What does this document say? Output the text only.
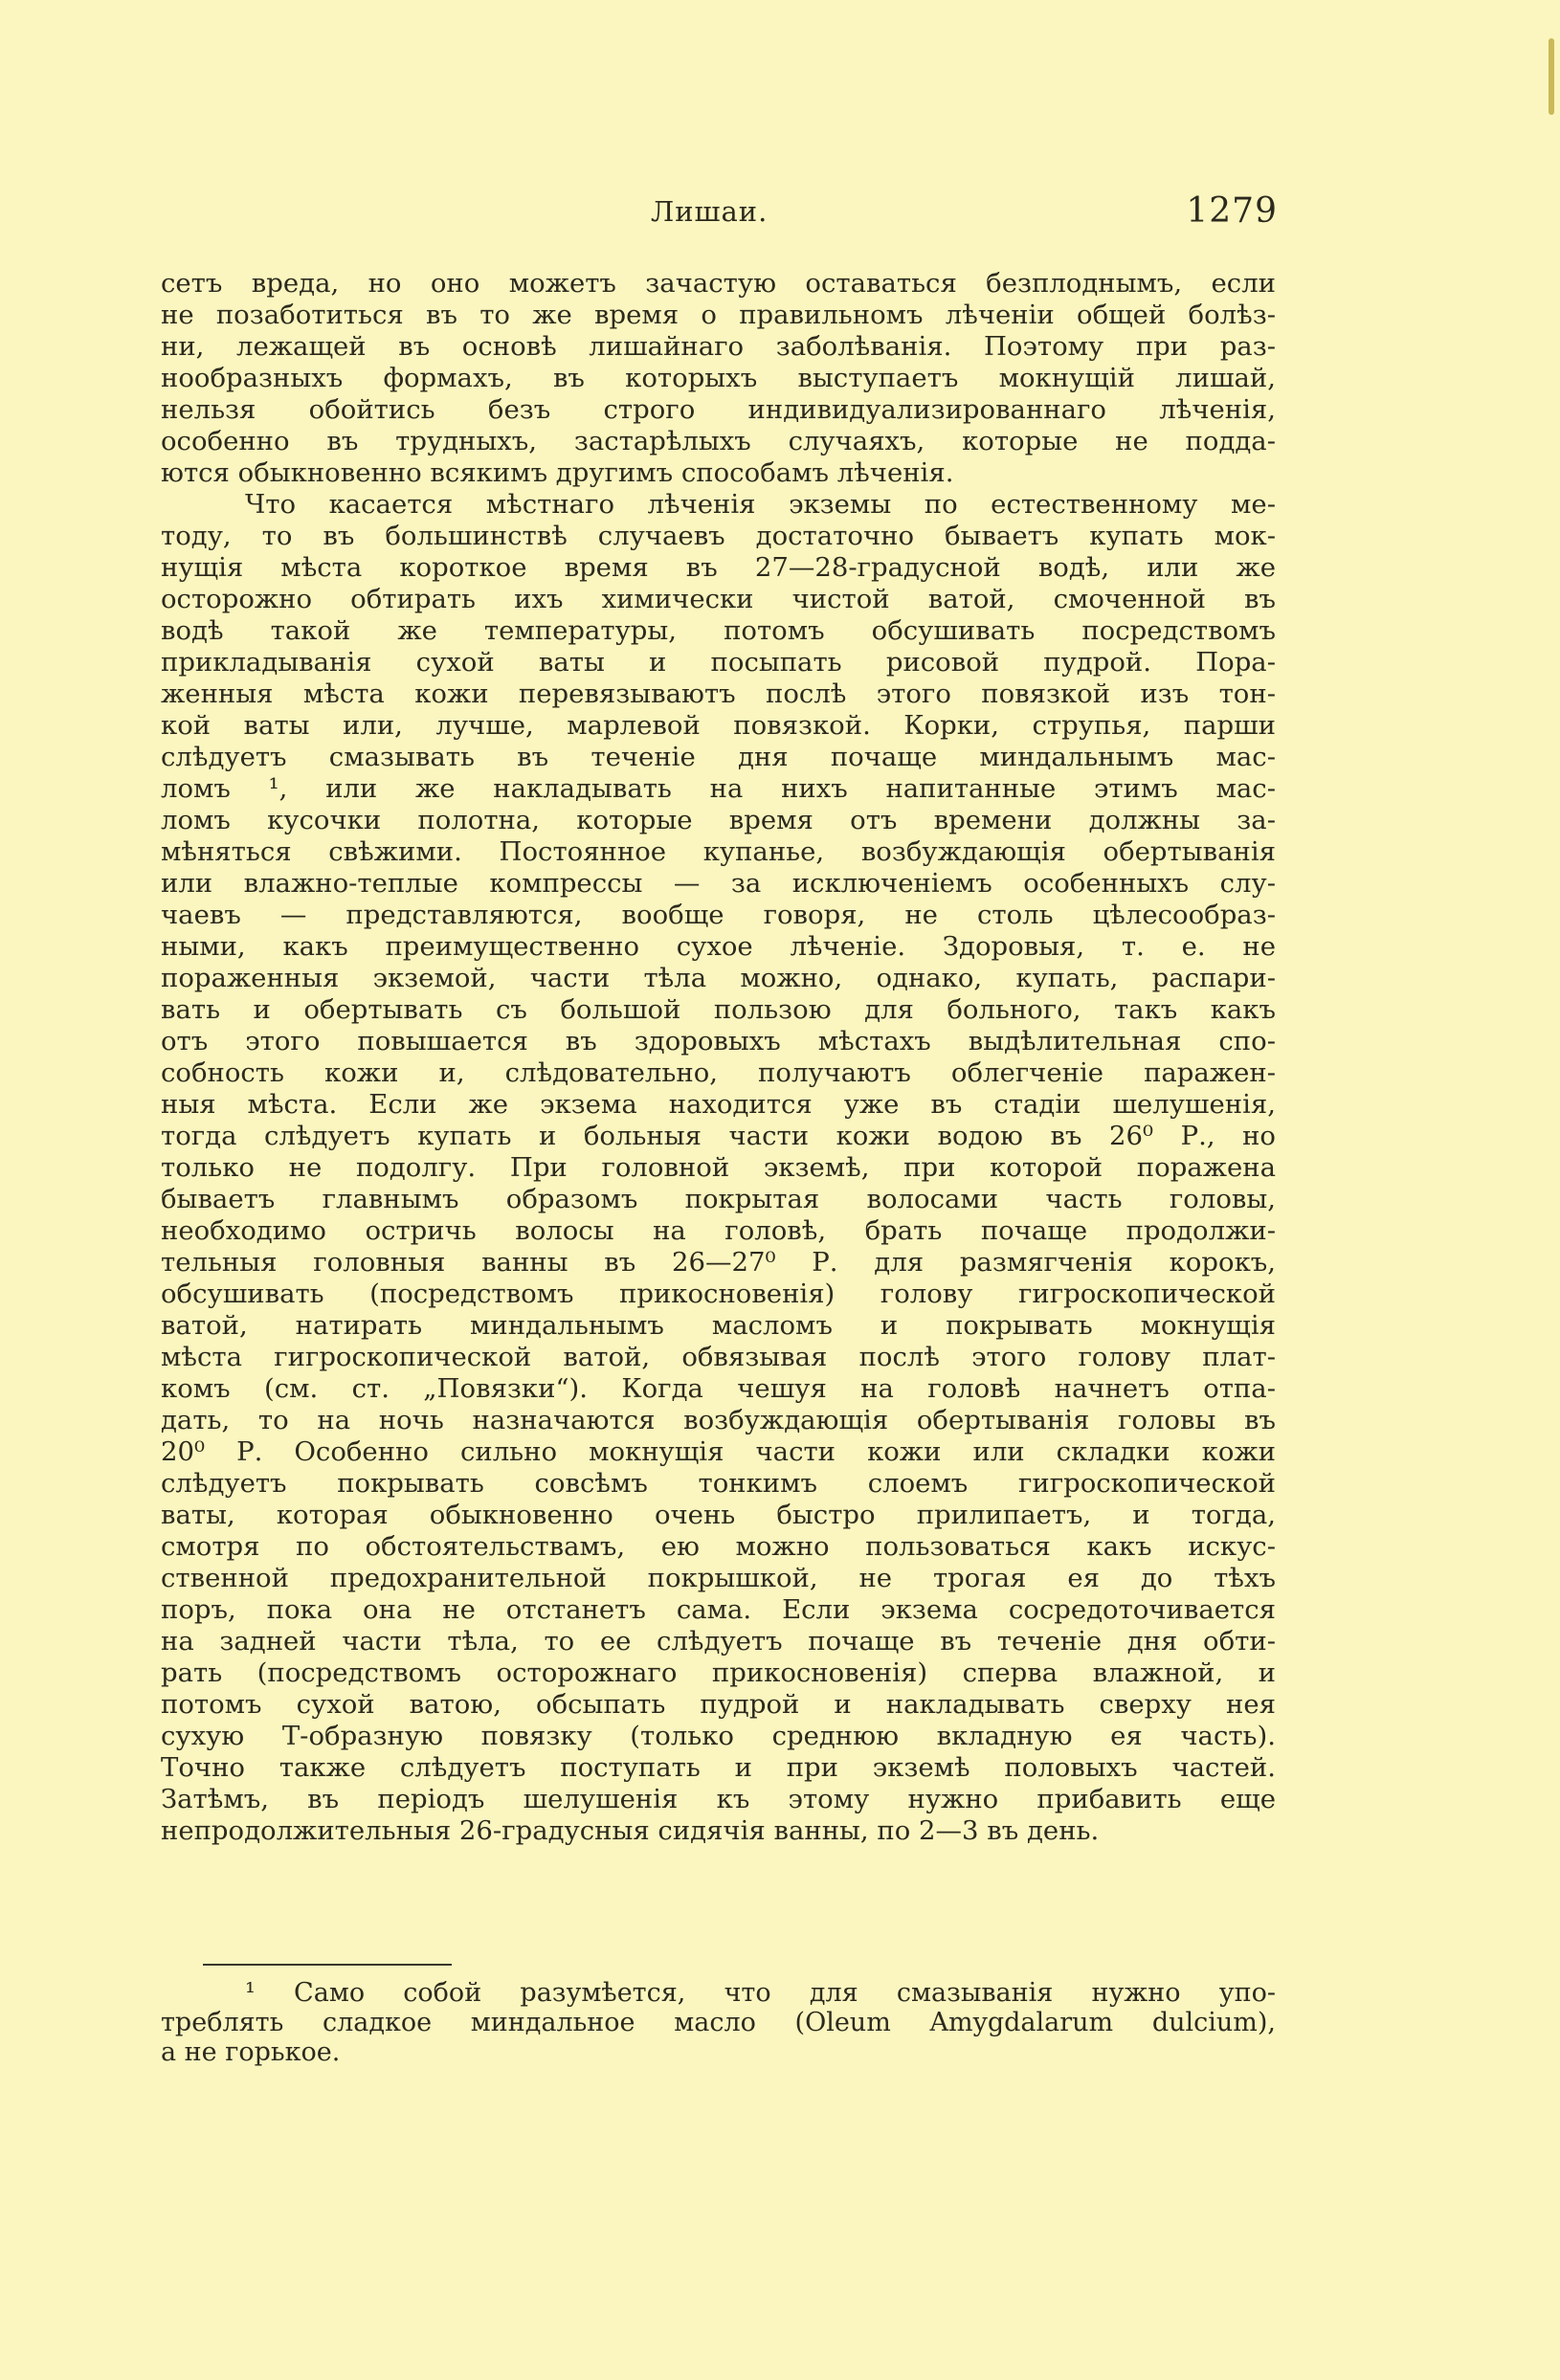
Лишаи.	1279
сетъ вреда, но оно можетъ зачастую оставаться безплоднымъ, если
не позаботиться въ то же время о правильномъ лѣченіи общей болѣз-
ни, лежащей въ основѣ лишайнаго заболѣванія. Поэтому при раз-
нообразныхъ формахъ, въ которыхъ выступаетъ мокнущій лишай,
нельзя обойтись безъ строго индивидуализированнаго лѣченія,
особенно въ трудныхъ, застарѣлыхъ случаяхъ, которые не подда-
ются обыкновенно всякимъ другимъ способамъ лѣченія.
Что касается мѣстнаго лѣченія экземы по естественному ме-
тоду, то въ большинствѣ случаевъ достаточно бываетъ купать мок-
нущія мѣста короткое время въ 27—28-градусной водѣ, или же
осторожно обтирать ихъ химически чистой ватой, смоченной въ
водѣ такой же температуры, потомъ обсушивать посредствомъ
прикладыванія сухой ваты и посыпать рисовой пудрой. Пора-
женныя мѣста кожи перевязываютъ послѣ этого повязкой изъ тон-
кой ваты или, лучше, марлевой повязкой. Корки, струпья, парши
слѣдуетъ смазывать въ теченіе дня почаще миндальнымъ мас-
ломъ ¹, или же накладывать на нихъ напитанные этимъ мас-
ломъ кусочки полотна, которые время отъ времени должны за-
мѣняться свѣжими. Постоянное купанье, возбуждающія обертыванія
или влажно-теплые компрессы — за исключеніемъ особенныхъ слу-
чаевъ — представляются, вообще говоря, не столь цѣлесообраз-
ными, какъ преимущественно сухое лѣченіе. Здоровыя, т. е. не
пораженныя экземой, части тѣла можно, однако, купать, распари-
вать и обертывать съ большой пользою для больного, такъ какъ
отъ этого повышается въ здоровыхъ мѣстахъ выдѣлительная спо-
собность кожи и, слѣдовательно, получаютъ облегченіе паражен-
ныя мѣста. Если же экзема находится уже въ стадіи шелушенія,
тогда слѣдуетъ купать и больныя части кожи водою въ 26⁰ Р., но
только не подолгу. При головной экземѣ, при которой поражена
бываетъ главнымъ образомъ покрытая волосами часть головы,
необходимо остричь волосы на головѣ, брать почаще продолжи-
тельныя головныя ванны въ 26—27⁰ Р. для размягченія корокъ,
обсушивать (посредствомъ прикосновенія) голову гигроскопической
ватой, натирать миндальнымъ масломъ и покрывать мокнущія
мѣста гигроскопической ватой, обвязывая послѣ этого голову плат-
комъ (см. ст. „Повязки“). Когда чешуя на головѣ начнетъ отпа-
дать, то на ночь назначаются возбуждающія обертыванія головы въ
20⁰ Р. Особенно сильно мокнущія части кожи или складки кожи
слѣдуетъ покрывать совсѣмъ тонкимъ слоемъ гигроскопической
ваты, которая обыкновенно очень быстро прилипаетъ, и тогда,
смотря по обстоятельствамъ, ею можно пользоваться какъ искус-
ственной предохранительной покрышкой, не трогая ея до тѣхъ
поръ, пока она не отстанетъ сама. Если экзема сосредоточивается
на задней части тѣла, то ее слѣдуетъ почаще въ теченіе дня обти-
рать (посредствомъ осторожнаго прикосновенія) сперва влажной, и
потомъ сухой ватою, обсыпать пудрой и накладывать сверху нея
сухую Т-образную повязку (только среднюю вкладную ея часть).
Точно также слѣдуетъ поступать и при экземѣ половыхъ частей.
Затѣмъ, въ періодъ шелушенія къ этому нужно прибавить еще
непродолжительныя 26-градусныя сидячія ванны, по 2—3 въ день.
¹ Само собой разумѣется, что для смазыванія нужно упо-
треблять сладкое миндальное масло (Oleum Amygdalarum dulcium),
а не горькое.
